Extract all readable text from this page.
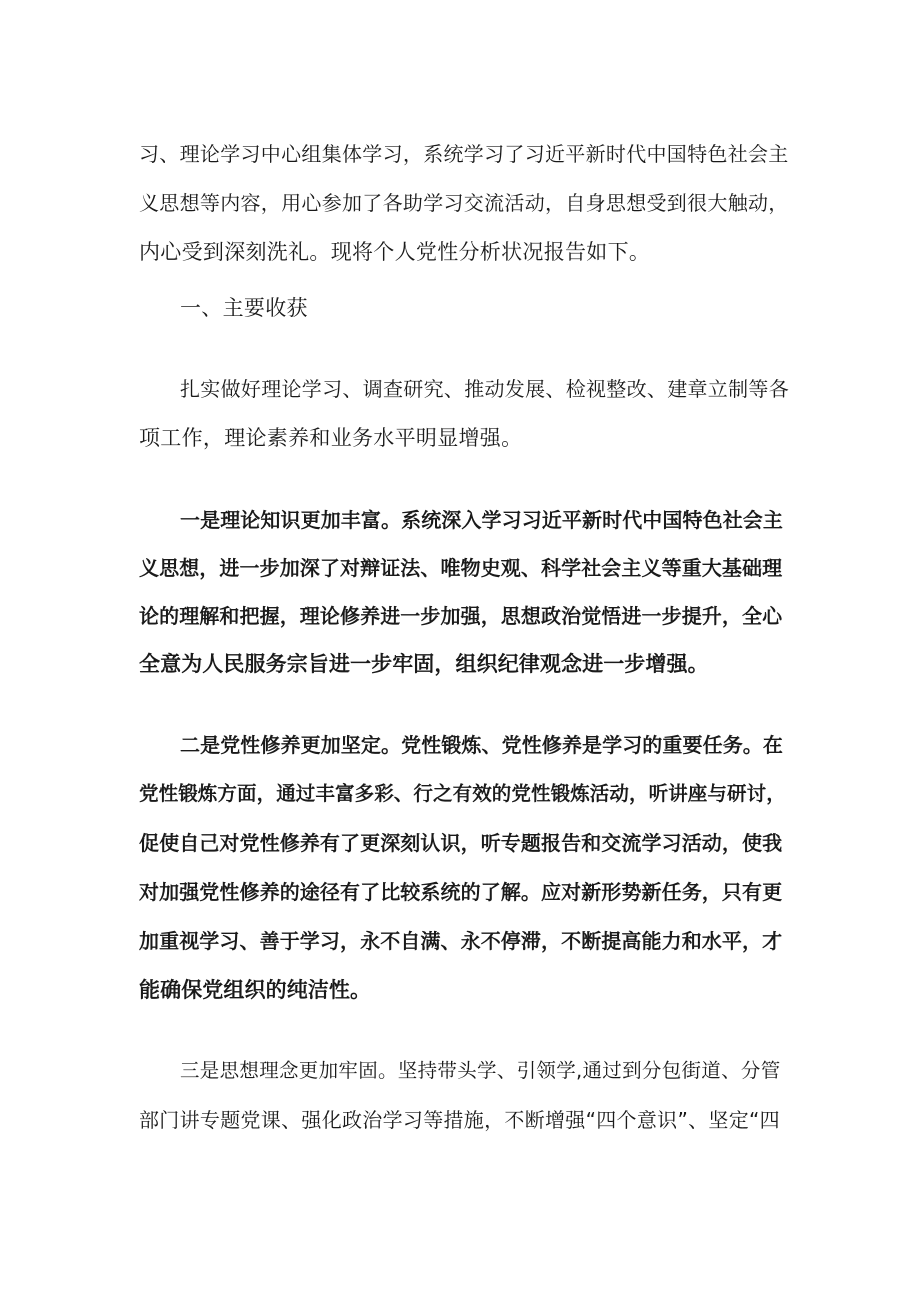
习、理论学习中心组集体学习，系统学习了习近平新时代中国特色社会主
义思想等内容，用心参加了各助学习交流活动，自身思想受到很大触动，
内心受到深刻洗礼。现将个人党性分析状况报告如下。
一、主要收获
扎实做好理论学习、调查研究、推动发展、检视整改、建章立制等各
项工作，理论素养和业务水平明显增强。
一是理论知识更加丰富。系统深入学习习近平新时代中国特色社会主
义思想，进一步加深了对辩证法、唯物史观、科学社会主义等重大基础理
论的理解和把握，理论修养进一步加强，思想政治觉悟进一步提升，全心
全意为人民服务宗旨进一步牢固，组织纪律观念进一步增强。
二是党性修养更加坚定。党性锻炼、党性修养是学习的重要任务。在
党性锻炼方面，通过丰富多彩、行之有效的党性锻炼活动，听讲座与研讨，
促使自己对党性修养有了更深刻认识，听专题报告和交流学习活动，使我
对加强党性修养的途径有了比较系统的了解。应对新形势新任务，只有更
加重视学习、善于学习，永不自满、永不停滞，不断提高能力和水平，才
能确保党组织的纯洁性。
三是思想理念更加牢固。坚持带头学、引领学,通过到分包街道、分管
部门讲专题党课、强化政治学习等措施，不断增强“四个意识”、坚定“四
